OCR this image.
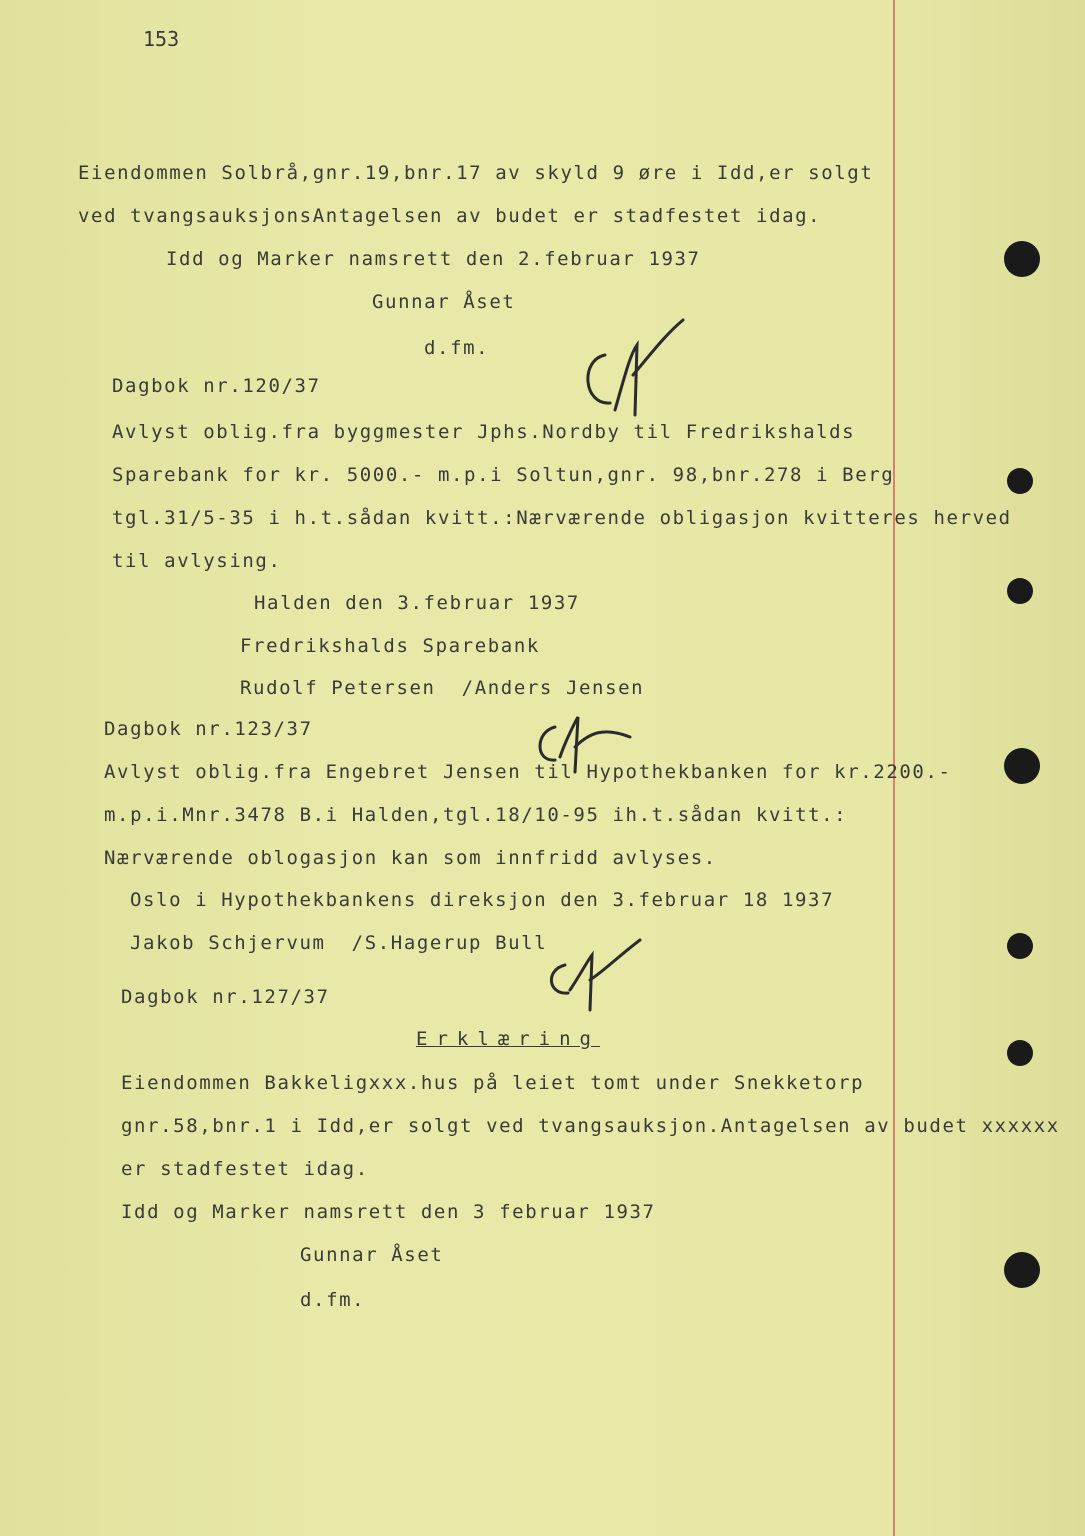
153
Eiendommen Solbrå,gnr.19,bnr.17 av skyld 9 øre i Idd,er solgt
ved tvangsauksjonsAntagelsen av budet er stadfestet idag.
Idd og Marker namsrett den 2.februar 1937
Gunnar Åset
d.fm.
Dagbok nr.120/37
Avlyst oblig.fra byggmester Jphs.Nordby til Fredrikshalds
Sparebank for kr. 5000.- m.p.i Soltun,gnr. 98,bnr.278 i Berg
tgl.31/5-35 i h.t.sådan kvitt.:Nærværende obligasjon kvitteres herved
til avlysing.
Halden den 3.februar 1937
Fredrikshalds Sparebank
Rudolf Petersen  /Anders Jensen
Dagbok nr.123/37
Avlyst oblig.fra Engebret Jensen til Hypothekbanken for kr.2200.-
m.p.i.Mnr.3478 B.i Halden,tgl.18/10-95 ih.t.sådan kvitt.:
Nærværende oblogasjon kan som innfridd avlyses.
Oslo i Hypothekbankens direksjon den 3.februar 18 1937
Jakob Schjervum  /S.Hagerup Bull
Dagbok nr.127/37
Erklæring
Eiendommen Bakkeligxxx.hus på leiet tomt under Snekketorp
gnr.58,bnr.1 i Idd,er solgt ved tvangsauksjon.Antagelsen av budet xxxxxx
er stadfestet idag.
Idd og Marker namsrett den 3 februar 1937
Gunnar Åset
d.fm.
